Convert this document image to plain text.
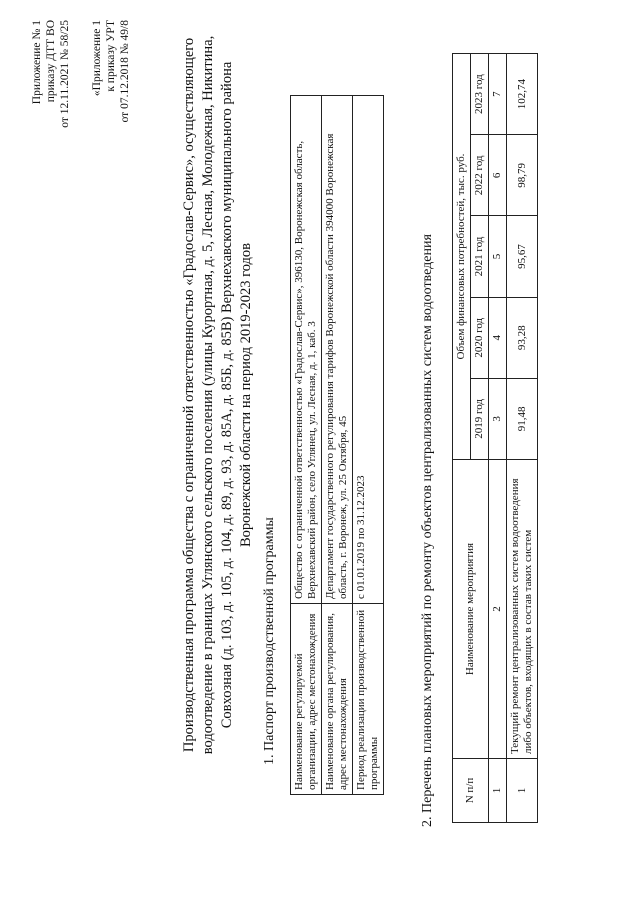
Приложение № 1 приказу ДТТ ВО от 12.11.2021 № 58/25 «Приложение 1 к приказу УРТ от 07.12.2018 № 49/8	Производственная программа общества с ограниченной ответственностью «Градослав-Сервис», осуществляющего водоотведение в границах Углянского сельского поселения (улицы Курортная, д. 5, Лесная, Молодежная, Никитина, Совхозная (д. 103, д. 105, д. 104, д. 89, д. 93, д. 85А, д. 85Б, д. 85В) Верхнехавского муниципального района Воронежской области на период 2019-2023 годов
1. Паспорт производственной программы Наименование регулируемой организации, адрес местонахождения	Общество с ограниченной ответственностью «Градослав-Сервис», 396130, Воронежская область, Верхнехавский район, село Углянец, ул. Лесная, д. 1, каб. 3
Наименование органа регулирования, адрес местонахождения	Департамент государственного регулирования тарифов Воронежской области 394000 Воронежская область, г. Воронеж, ул. 25 Октября, 45
Период реализации производственной программы	с 01.01.2019 по 31.12.2023	2. Перечень плановых мероприятий по ремонту объектов централизованных систем водоотведения	N п/п	Наименование мероприятия	Объем финансовых потребностей, тыс. руб.				
		2019 год	2020 год	2021 год	2022 год	2023 год
1	2	3	4	5	6	7
1	Текущий ремонт централизованных систем водоотведения либо объектов, входящих в состав таких систем	91,48	93,28	95,67	98,79	102,74
